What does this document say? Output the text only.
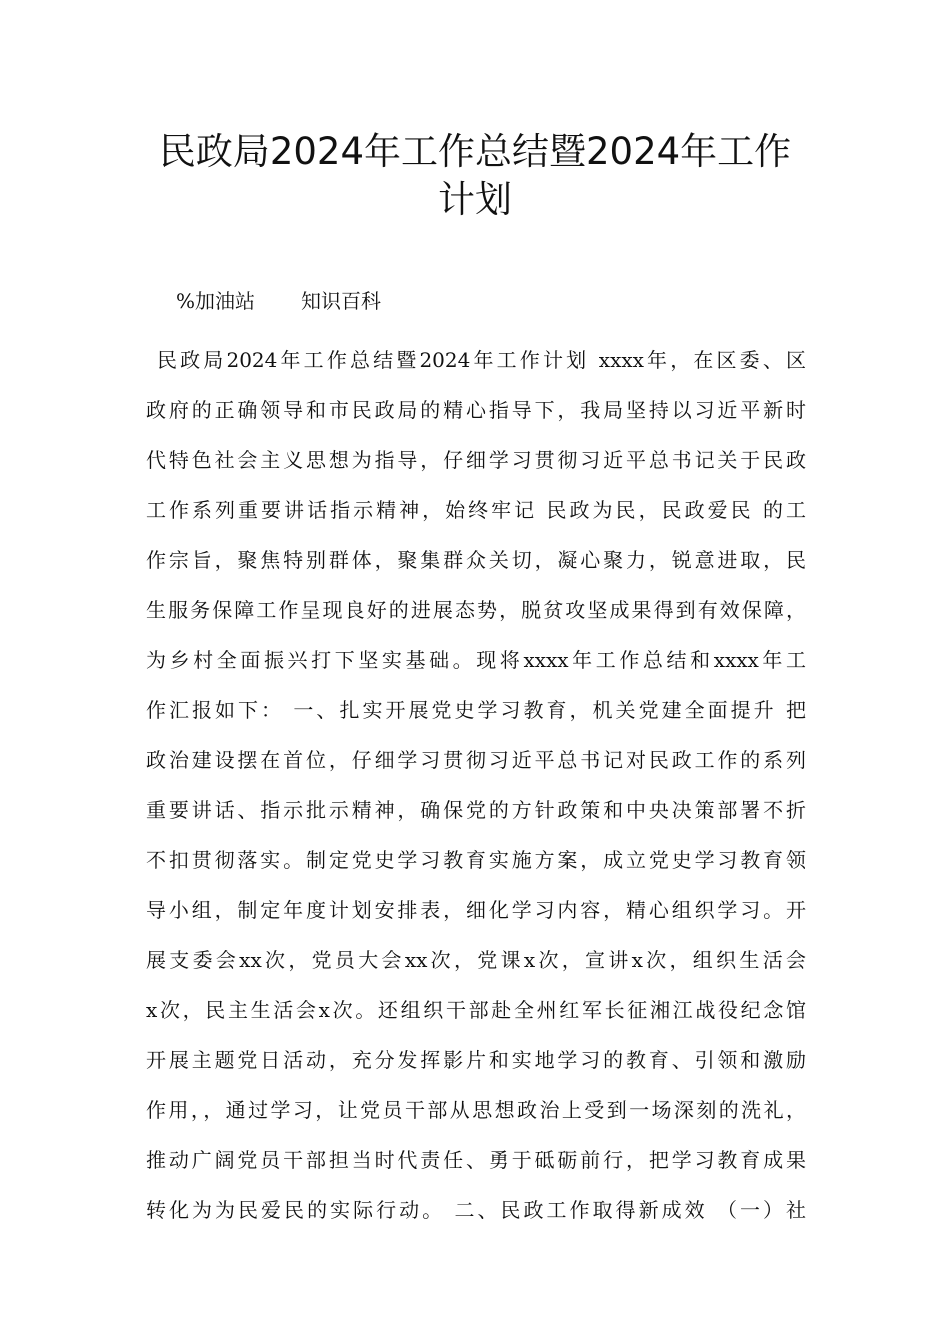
民政局2024年工作总结暨2024年工作
计划
%加油站 知识百科
民政局2024年工作总结暨2024年工作计划 xxxx年，在区委、区
政府的正确领导和市民政局的精心指导下，我局坚持以习近平新时
代特色社会主义思想为指导，仔细学习贯彻习近平总书记关于民政
工作系列重要讲话指示精神，始终牢记 民政为民，民政爱民 的工
作宗旨，聚焦特别群体，聚集群众关切，凝心聚力，锐意进取，民
生服务保障工作呈现良好的进展态势，脱贫攻坚成果得到有效保障，
为乡村全面振兴打下坚实基础。现将xxxx年工作总结和xxxx年工
作汇报如下： 一、扎实开展党史学习教育，机关党建全面提升 把
政治建设摆在首位，仔细学习贯彻习近平总书记对民政工作的系列
重要讲话、指示批示精神，确保党的方针政策和中央决策部署不折
不扣贯彻落实。制定党史学习教育实施方案，成立党史学习教育领
导小组，制定年度计划安排表，细化学习内容，精心组织学习。开
展支委会xx次，党员大会xx次，党课x次，宣讲x次，组织生活会
x次，民主生活会x次。还组织干部赴全州红军长征湘江战役纪念馆
开展主题党日活动，充分发挥影片和实地学习的教育、引领和激励
作用，，通过学习，让党员干部从思想政治上受到一场深刻的洗礼，
推动广阔党员干部担当时代责任、勇于砥砺前行，把学习教育成果
转化为为民爱民的实际行动。 二、民政工作取得新成效 （一）社
